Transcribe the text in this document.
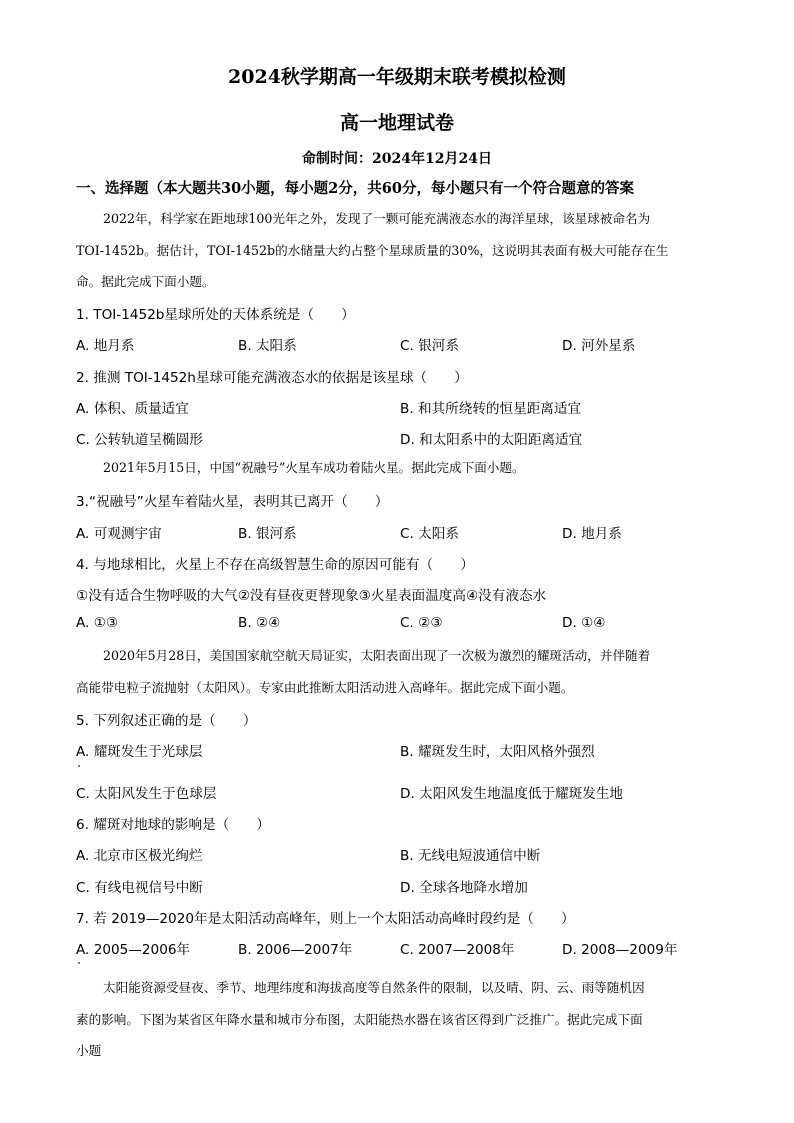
2024秋学期高一年级期末联考模拟检测
高一地理试卷
命制时间：2024年12月24日
一、选择题（本大题共30小题，每小题2分，共60分，每小题只有一个符合题意的答案
2022年，科学家在距地球100光年之外，发现了一颗可能充满液态水的海洋星球，该星球被命名为
TOI-1452b。据估计，TOI-1452b的水储量大约占整个星球质量的30%，这说明其表面有极大可能存在生
命。据此完成下面小题。
1. TOI-1452b星球所处的天体系统是（　　）
A. 地月系	B. 太阳系	C. 银河系	D. 河外星系
2. 推测 TOI-1452h星球可能充满液态水的依据是该星球（　　）
A. 体积、质量适宜	B. 和其所绕转的恒星距离适宜
C. 公转轨道呈椭圆形	D. 和太阳系中的太阳距离适宜
2021年5月15日，中国“祝融号”火星车成功着陆火星。据此完成下面小题。
3.“祝融号”火星车着陆火星，表明其已离开（　　）
A. 可观测宇宙	B. 银河系	C. 太阳系	D. 地月系
4. 与地球相比，火星上不存在高级智慧生命的原因可能有（　　）
①没有适合生物呼吸的大气②没有昼夜更替现象③火星表面温度高④没有液态水
A. ①③	B. ②④	C. ②③	D. ①④
2020年5月28日，美国国家航空航天局证实，太阳表面出现了一次极为激烈的耀斑活动，并伴随着
高能带电粒子流抛射（太阳风）。专家由此推断太阳活动进入高峰年。据此完成下面小题。
5. 下列叙述正确的是（　　）
A. 耀斑发生于光球层	B. 耀斑发生时，太阳风格外强烈
C. 太阳风发生于色球层	D. 太阳风发生地温度低于耀斑发生地
6. 耀斑对地球的影响是（　　）
A. 北京市区极光绚烂	B. 无线电短波通信中断
C. 有线电视信号中断	D. 全球各地降水增加
7. 若 2019—2020年是太阳活动高峰年，则上一个太阳活动高峰时段约是（　　）
A. 2005—2006年	B. 2006—2007年	C. 2007—2008年	D. 2008—2009年
太阳能资源受昼夜、季节、地理纬度和海拔高度等自然条件的限制，以及晴、阴、云、雨等随机因
素的影响。下图为某省区年降水量和城市分布图，太阳能热水器在该省区得到广泛推广。据此完成下面
小题
